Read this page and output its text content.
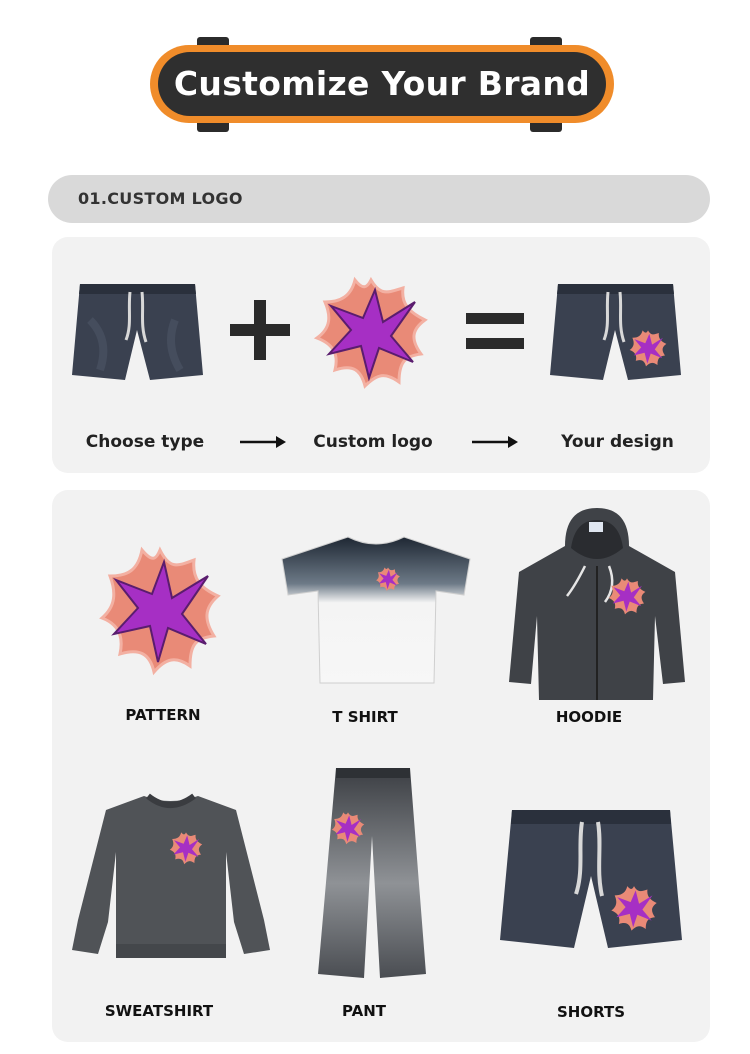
Customize Your Brand
01.CUSTOM LOGO
Choose type	Custom logo	Your design
PATTERN	T SHIRT	HOODIE
SWEATSHIRT	PANT	SHORTS
